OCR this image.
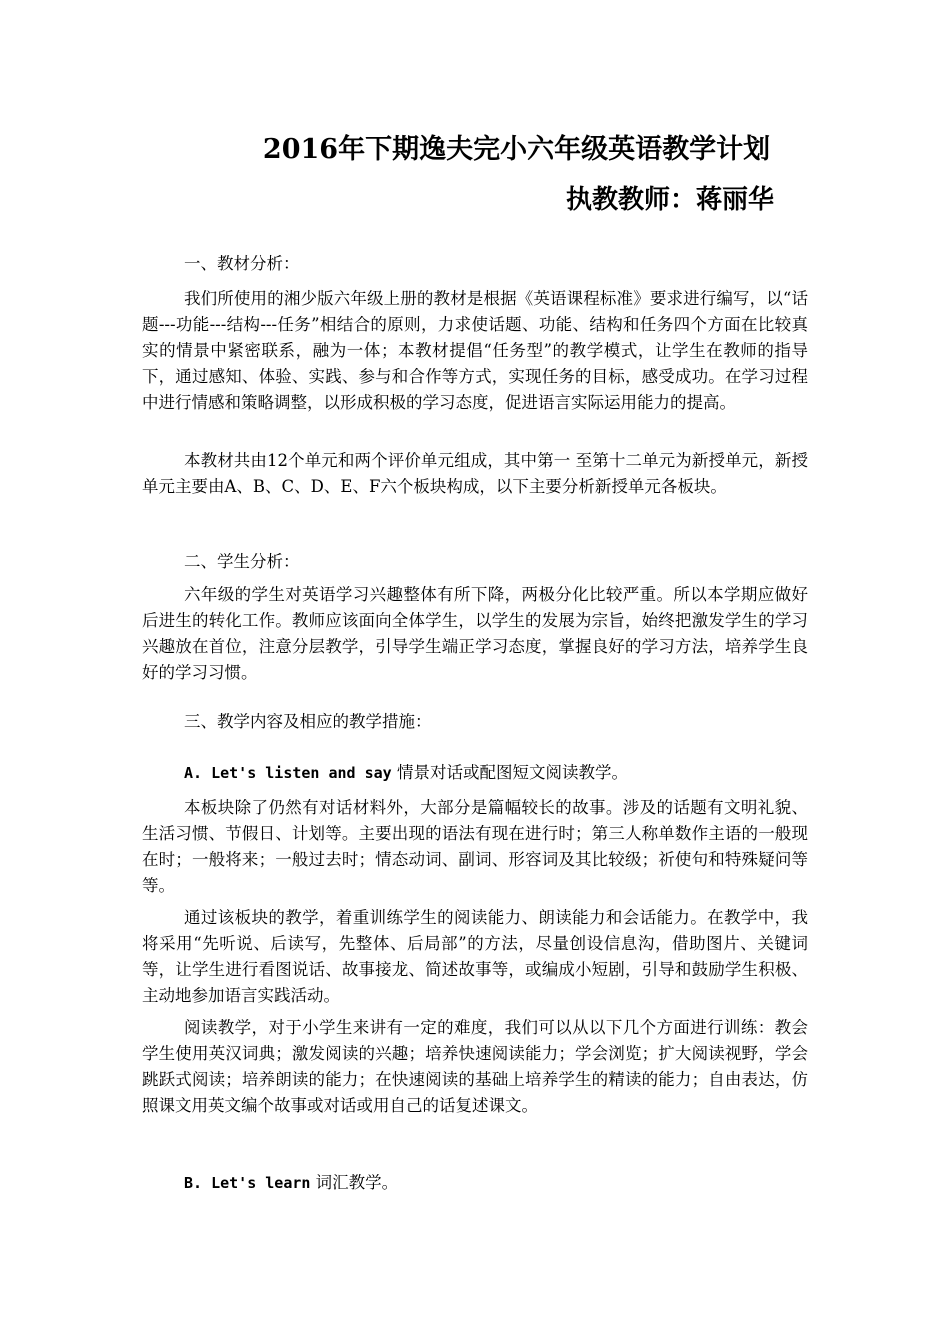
2016年下期逸夫完小六年级英语教学计划
执教教师：蒋丽华
一、教材分析：
我们所使用的湘少版六年级上册的教材是根据《英语课程标准》要求进行编写，以“话题---功能---结构---任务”相结合的原则，力求使话题、功能、结构和任务四个方面在比较真实的情景中紧密联系，融为一体；本教材提倡“任务型”的教学模式，让学生在教师的指导下，通过感知、体验、实践、参与和合作等方式，实现任务的目标，感受成功。在学习过程中进行情感和策略调整，以形成积极的学习态度，促进语言实际运用能力的提高。
本教材共由12个单元和两个评价单元组成，其中第一 至第十二单元为新授单元，新授单元主要由A、B、C、D、E、F六个板块构成，以下主要分析新授单元各板块。
二、学生分析：
六年级的学生对英语学习兴趣整体有所下降，两极分化比较严重。所以本学期应做好后进生的转化工作。教师应该面向全体学生，以学生的发展为宗旨，始终把激发学生的学习兴趣放在首位，注意分层教学，引导学生端正学习态度，掌握良好的学习方法，培养学生良好的学习习惯。
三、教学内容及相应的教学措施：
A. Let's listen and say 情景对话或配图短文阅读教学。
本板块除了仍然有对话材料外，大部分是篇幅较长的故事。涉及的话题有文明礼貌、生活习惯、节假日、计划等。主要出现的语法有现在进行时；第三人称单数作主语的一般现在时；一般将来；一般过去时；情态动词、副词、形容词及其比较级；祈使句和特殊疑问等等。
通过该板块的教学，着重训练学生的阅读能力、朗读能力和会话能力。在教学中，我将采用“先听说、后读写，先整体、后局部”的方法，尽量创设信息沟，借助图片、关键词等，让学生进行看图说话、故事接龙、简述故事等，或编成小短剧，引导和鼓励学生积极、主动地参加语言实践活动。
阅读教学，对于小学生来讲有一定的难度，我们可以从以下几个方面进行训练：教会学生使用英汉词典；激发阅读的兴趣；培养快速阅读能力；学会浏览；扩大阅读视野，学会跳跃式阅读；培养朗读的能力；在快速阅读的基础上培养学生的精读的能力；自由表达，仿照课文用英文编个故事或对话或用自己的话复述课文。
B. Let's learn 词汇教学。
